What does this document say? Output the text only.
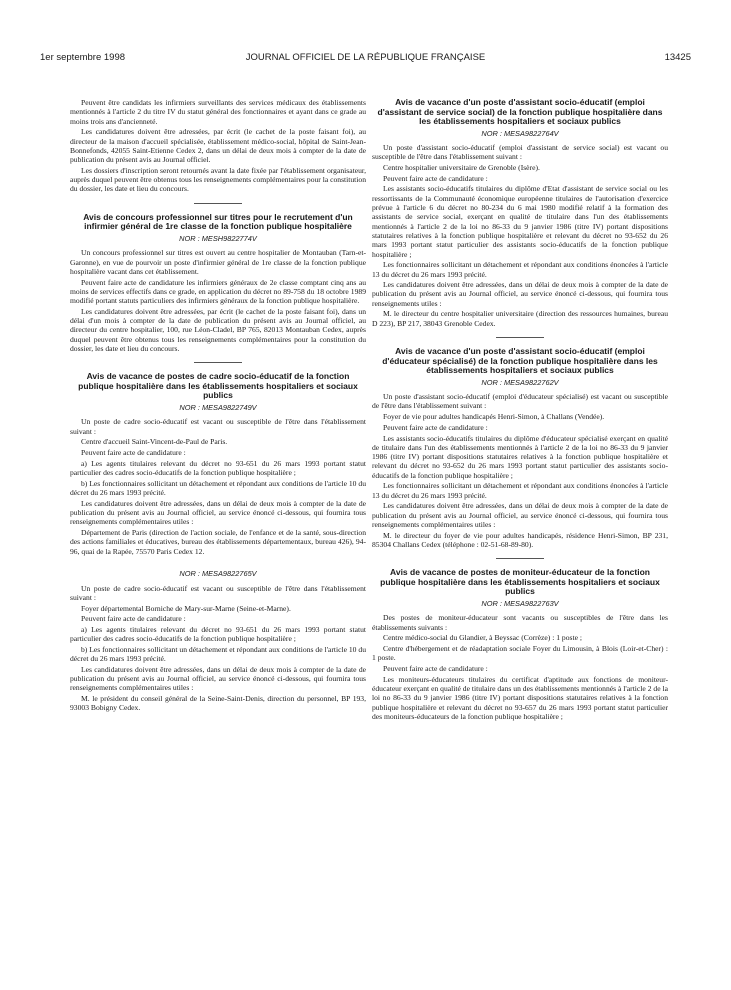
1er septembre 1998	JOURNAL OFFICIEL DE LA RÉPUBLIQUE FRANÇAISE	13425

Peuvent être candidats les infirmiers surveillants des services médicaux des établissements mentionnés à l'article 2 du titre IV du statut général des fonctionnaires et ayant dans ce grade au moins trois ans d'ancienneté.

Les candidatures doivent être adressées, par écrit (le cachet de la poste faisant foi), au directeur de la maison d'accueil spécialisée, établissement médico-social, hôpital de Saint-Jean-Bonnefonds, 42055 Saint-Etienne Cedex 2, dans un délai de deux mois à compter de la date de publication du présent avis au Journal officiel.

Les dossiers d'inscription seront retournés avant la date fixée par l'établissement organisateur, auprès duquel peuvent être obtenus tous les renseignements complémentaires pour la constitution du dossier, les date et lieu du concours.

Avis de concours professionnel sur titres pour le recrutement d'un infirmier général de 1re classe de la fonction publique hospitalière
NOR : MESH9822774V

Un concours professionnel sur titres est ouvert au centre hospitalier de Montauban (Tarn-et-Garonne), en vue de pourvoir un poste d'infirmier général de 1re classe de la fonction publique hospitalière vacant dans cet établissement.

Peuvent faire acte de candidature les infirmiers généraux de 2e classe comptant cinq ans au moins de services effectifs dans ce grade, en application du décret no 89-758 du 18 octobre 1989 modifié portant statuts particuliers des infirmiers généraux de la fonction publique hospitalière.

Les candidatures doivent être adressées, par écrit (le cachet de la poste faisant foi), dans un délai d'un mois à compter de la date de publication du présent avis au Journal officiel, au directeur du centre hospitalier, 100, rue Léon-Cladel, BP 765, 82013 Montauban Cedex, auprès duquel peuvent être obtenus tous les renseignements complémentaires pour la constitution du dossier, les date et lieu du concours.

Avis de vacance de postes de cadre socio-éducatif de la fonction publique hospitalière dans les établissements hospitaliers et sociaux publics
NOR : MESA9822749V

Un poste de cadre socio-éducatif est vacant ou susceptible de l'être dans l'établissement suivant :

Centre d'accueil Saint-Vincent-de-Paul de Paris.

Peuvent faire acte de candidature :

a) Les agents titulaires relevant du décret no 93-651 du 26 mars 1993 portant statut particulier des cadres socio-éducatifs de la fonction publique hospitalière ;

b) Les fonctionnaires sollicitant un détachement et répondant aux conditions de l'article 10 du décret du 26 mars 1993 précité.

Les candidatures doivent être adressées, dans un délai de deux mois à compter de la date de publication du présent avis au Journal officiel, au service énoncé ci-dessous, qui fournira tous renseignements complémentaires utiles :

Département de Paris (direction de l'action sociale, de l'enfance et de la santé, sous-direction des actions familiales et éducatives, bureau des établissements départementaux, bureau 426), 94-96, quai de la Rapée, 75570 Paris Cedex 12.

NOR : MESA9822765V

Un poste de cadre socio-éducatif est vacant ou susceptible de l'être dans l'établissement suivant :

Foyer départemental Borniche de Mary-sur-Marne (Seine-et-Marne).

Peuvent faire acte de candidature :

a) Les agents titulaires relevant du décret no 93-651 du 26 mars 1993 portant statut particulier des cadres socio-éducatifs de la fonction publique hospitalière ;

b) Les fonctionnaires sollicitant un détachement et répondant aux conditions de l'article 10 du décret du 26 mars 1993 précité.

Les candidatures doivent être adressées, dans un délai de deux mois à compter de la date de publication du présent avis au Journal officiel, au service énoncé ci-dessous, qui fournira tous renseignements complémentaires utiles :

M. le président du conseil général de la Seine-Saint-Denis, direction du personnel, BP 193, 93003 Bobigny Cedex.

Avis de vacance d'un poste d'assistant socio-éducatif (emploi d'assistant de service social) de la fonction publique hospitalière dans les établissements hospitaliers et sociaux publics
NOR : MESA9822764V

Un poste d'assistant socio-éducatif (emploi d'assistant de service social) est vacant ou susceptible de l'être dans l'établissement suivant :

Centre hospitalier universitaire de Grenoble (Isère).

Peuvent faire acte de candidature :

Les assistants socio-éducatifs titulaires du diplôme d'Etat d'assistant de service social ou les ressortissants de la Communauté économique européenne titulaires de l'autorisation d'exercice prévue à l'article 6 du décret no 80-234 du 6 mai 1980 modifié relatif à la formation des assistants de service social, exerçant en qualité de titulaire dans l'un des établissements mentionnés à l'article 2 de la loi no 86-33 du 9 janvier 1986 (titre IV) portant dispositions statutaires relatives à la fonction publique hospitalière et relevant du décret no 93-652 du 26 mars 1993 portant statut particulier des assistants socio-éducatifs de la fonction publique hospitalière ;

Les fonctionnaires sollicitant un détachement et répondant aux conditions énoncées à l'article 13 du décret du 26 mars 1993 précité.

Les candidatures doivent être adressées, dans un délai de deux mois à compter de la date de publication du présent avis au Journal officiel, au service énoncé ci-dessous, qui fournira tous renseignements utiles :

M. le directeur du centre hospitalier universitaire (direction des ressources humaines, bureau D 223), BP 217, 38043 Grenoble Cedex.

Avis de vacance d'un poste d'assistant socio-éducatif (emploi d'éducateur spécialisé) de la fonction publique hospitalière dans les établissements hospitaliers et sociaux publics
NOR : MESA9822762V

Un poste d'assistant socio-éducatif (emploi d'éducateur spécialisé) est vacant ou susceptible de l'être dans l'établissement suivant :

Foyer de vie pour adultes handicapés Henri-Simon, à Challans (Vendée).

Peuvent faire acte de candidature :

Les assistants socio-éducatifs titulaires du diplôme d'éducateur spécialisé exerçant en qualité de titulaire dans l'un des établissements mentionnés à l'article 2 de la loi no 86-33 du 9 janvier 1986 (titre IV) portant dispositions statutaires relatives à la fonction publique hospitalière et relevant du décret no 93-652 du 26 mars 1993 portant statut particulier des assistants socio-éducatifs de la fonction publique hospitalière ;

Les fonctionnaires sollicitant un détachement et répondant aux conditions énoncées à l'article 13 du décret du 26 mars 1993 précité.

Les candidatures doivent être adressées, dans un délai de deux mois à compter de la date de publication du présent avis au Journal officiel, au service énoncé ci-dessous, qui fournira tous renseignements complémentaires utiles :

M. le directeur du foyer de vie pour adultes handicapés, résidence Henri-Simon, BP 231, 85304 Challans Cedex (téléphone : 02-51-68-89-80).

Avis de vacance de postes de moniteur-éducateur de la fonction publique hospitalière dans les établissements hospitaliers et sociaux publics
NOR : MESA9822763V

Des postes de moniteur-éducateur sont vacants ou susceptibles de l'être dans les établissements suivants :

Centre médico-social du Glandier, à Beyssac (Corrèze) : 1 poste ;

Centre d'hébergement et de réadaptation sociale Foyer du Limousin, à Blois (Loir-et-Cher) : 1 poste.

Peuvent faire acte de candidature :

Les moniteurs-éducateurs titulaires du certificat d'aptitude aux fonctions de moniteur-éducateur exerçant en qualité de titulaire dans un des établissements mentionnés à l'article 2 de la loi no 86-33 du 9 janvier 1986 (titre IV) portant dispositions statutaires relatives à la fonction publique hospitalière et relevant du décret no 93-657 du 26 mars 1993 portant statut particulier des moniteurs-éducateurs de la fonction publique hospitalière ;
